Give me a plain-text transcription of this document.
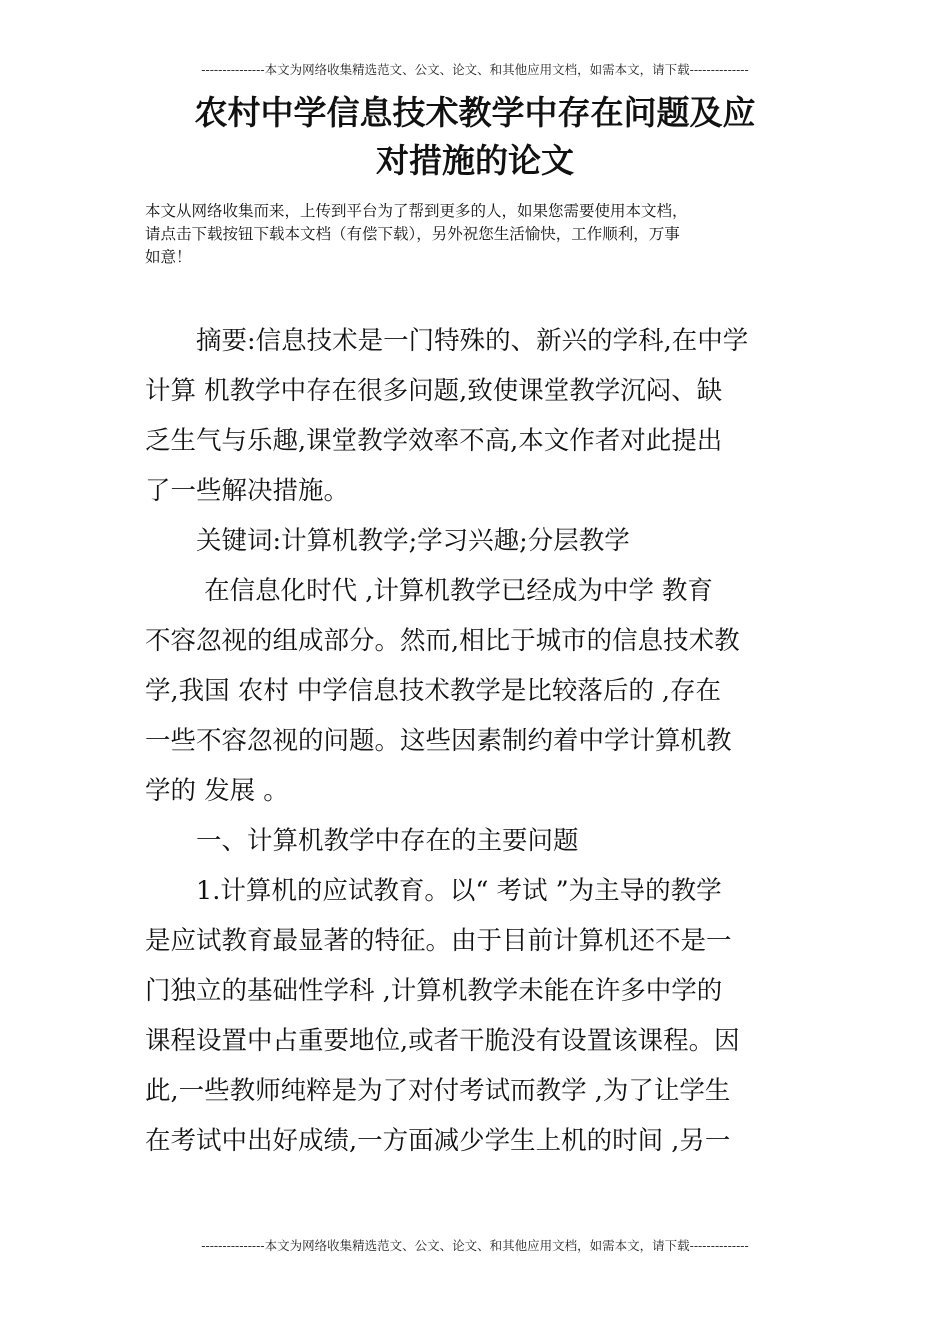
---------------本文为网络收集精选范文、公文、论文、和其他应用文档，如需本文，请下载--------------
农村中学信息技术教学中存在问题及应
对措施的论文
本文从网络收集而来，上传到平台为了帮到更多的人，如果您需要使用本文档，
请点击下载按钮下载本文档（有偿下载），另外祝您生活愉快，工作顺利，万事
如意！
　　摘要:信息技术是一门特殊的、新兴的学科,在中学
计算 机教学中存在很多问题,致使课堂教学沉闷、缺
乏生气与乐趣,课堂教学效率不高,本文作者对此提出
了一些解决措施。
　　关键词:计算机教学;学习兴趣;分层教学
　　 在信息化时代 ,计算机教学已经成为中学 教育
不容忽视的组成部分。然而,相比于城市的信息技术教
学,我国 农村 中学信息技术教学是比较落后的 ,存在
一些不容忽视的问题。这些因素制约着中学计算机教
学的 发展 。
　　一、计算机教学中存在的主要问题
　　1.计算机的应试教育。以“ 考试 ”为主导的教学
是应试教育最显著的特征。由于目前计算机还不是一
门独立的基础性学科 ,计算机教学未能在许多中学的
课程设置中占重要地位,或者干脆没有设置该课程。因
此,一些教师纯粹是为了对付考试而教学 ,为了让学生
在考试中出好成绩,一方面减少学生上机的时间 ,另一
---------------本文为网络收集精选范文、公文、论文、和其他应用文档，如需本文，请下载--------------
